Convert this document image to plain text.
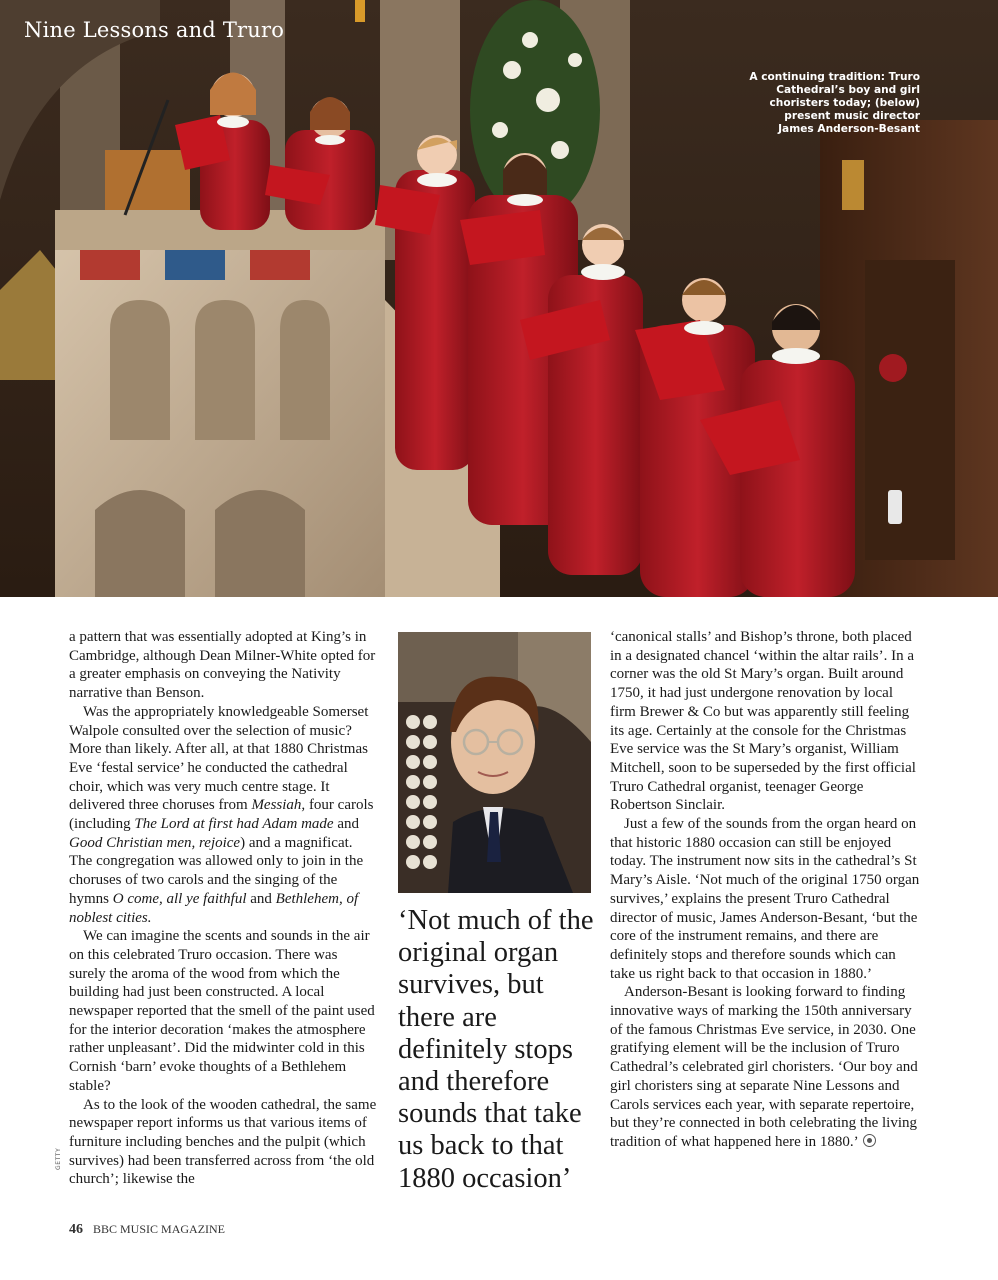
Nine Lessons and Truro
A continuing tradition: Truro Cathedral’s boy and girl choristers today; (below) present music director James Anderson-Besant

a pattern that was essentially adopted at King’s in Cambridge, although Dean Milner-White opted for a greater emphasis on conveying the Nativity narrative than Benson.

Was the appropriately knowledgeable Somerset Walpole consulted over the selection of music? More than likely. After all, at that 1880 Christmas Eve ‘festal service’ he conducted the cathedral choir, which was very much centre stage. It delivered three choruses from Messiah, four carols (including The Lord at first had Adam made and Good Christian men, rejoice) and a magnificat. The congregation was allowed only to join in the choruses of two carols and the singing of the hymns O come, all ye faithful and Bethlehem, of noblest cities.

We can imagine the scents and sounds in the air on this celebrated Truro occasion. There was surely the aroma of the wood from which the building had just been constructed. A local newspaper reported that the smell of the paint used for the interior decoration ‘makes the atmosphere rather unpleasant’. Did the midwinter cold in this Cornish ‘barn’ evoke thoughts of a Bethlehem stable?

As to the look of the wooden cathedral, the same newspaper report informs us that various items of furniture including benches and the pulpit (which survives) had been transferred across from ‘the old church’; likewise the

GETTY
‘Not much of the original organ survives, but there are definitely stops and therefore sounds that take us back to that 1880 occasion’

‘canonical stalls’ and Bishop’s throne, both placed in a designated chancel ‘within the altar rails’. In a corner was the old St Mary’s organ. Built around 1750, it had just undergone renovation by local firm Brewer & Co but was apparently still feeling its age. Certainly at the console for the Christmas Eve service was the St Mary’s organist, William Mitchell, soon to be superseded by the first official Truro Cathedral organist, teenager George Robertson Sinclair.

Just a few of the sounds from the organ heard on that historic 1880 occasion can still be enjoyed today. The instrument now sits in the cathedral’s St Mary’s Aisle. ‘Not much of the original 1750 organ survives,’ explains the present Truro Cathedral director of music, James Anderson-Besant, ‘but the core of the instrument remains, and there are definitely stops and therefore sounds which can take us right back to that occasion in 1880.’

Anderson-Besant is looking forward to finding innovative ways of marking the 150th anniversary of the famous Christmas Eve service, in 2030. One gratifying element will be the inclusion of Truro Cathedral’s celebrated girl choristers. ‘Our boy and girl choristers sing at separate Nine Lessons and Carols services each year, with separate repertoire, but they’re connected in both celebrating the living tradition of what happened here in 1880.’

46 BBC MUSIC MAGAZINE
